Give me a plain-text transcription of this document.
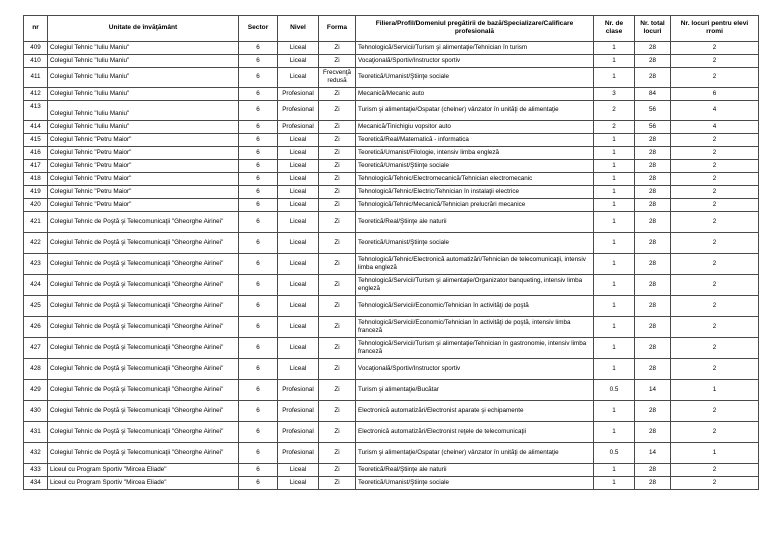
nr	Unitate de învăţământ	Sector	Nivel	Forma	Filiera/Profil/Domeniul pregătirii de bază/Specializare/Calificare profesională	Nr. de clase	Nr. total locuri	Nr. locuri pentru elevi rromi
409	Colegiul Tehnic "Iuliu Maniu"	6	Liceal	Zi	Tehnologică/Servicii/Turism şi alimentaţie/Tehnician în turism	1	28	2
410	Colegiul Tehnic "Iuliu Maniu"	6	Liceal	Zi	Vocaţională/Sportiv/Instructor sportiv	1	28	2
411	Colegiul Tehnic "Iuliu Maniu"	6	Liceal	Frecvenţă redusă	Teoretică/Umanist/Ştiinţe sociale	1	28	2
412	Colegiul Tehnic "Iuliu Maniu"	6	Profesional	Zi	Mecanică/Mecanic auto	3	84	6
413	Colegiul Tehnic "Iuliu Maniu"	6	Profesional	Zi	Turism şi alimentaţie/Ospatar (chelner) vânzator în unităţi de alimentaţie	2	56	4
414	Colegiul Tehnic "Iuliu Maniu"	6	Profesional	Zi	Mecanică/Tinichigiu vopsitor auto	2	56	4
415	Colegiul Tehnic "Petru Maior"	6	Liceal	Zi	Teoretică/Real/Matematică - informatica	1	28	2
416	Colegiul Tehnic "Petru Maior"	6	Liceal	Zi	Teoretică/Umanist/Filologie, intensiv limba engleză	1	28	2
417	Colegiul Tehnic "Petru Maior"	6	Liceal	Zi	Teoretică/Umanist/Ştiinţe sociale	1	28	2
418	Colegiul Tehnic "Petru Maior"	6	Liceal	Zi	Tehnologică/Tehnic/Electromecanică/Tehnician electromecanic	1	28	2
419	Colegiul Tehnic "Petru Maior"	6	Liceal	Zi	Tehnologică/Tehnic/Electric/Tehnician în instalaţii electrice	1	28	2
420	Colegiul Tehnic "Petru Maior"	6	Liceal	Zi	Tehnologică/Tehnic/Mecanică/Tehnician prelucrări mecanice	1	28	2
421	Colegiul Tehnic de Poştă şi Telecomunicaţii "Gheorghe Airinei"	6	Liceal	Zi	Teoretică/Real/Ştiinţe ale naturii	1	28	2
422	Colegiul Tehnic de Poştă şi Telecomunicaţii "Gheorghe Airinei"	6	Liceal	Zi	Teoretică/Umanist/Ştiinţe sociale	1	28	2
423	Colegiul Tehnic de Poştă şi Telecomunicaţii "Gheorghe Airinei"	6	Liceal	Zi	Tehnologică/Tehnic/Electronică automatizări/Tehnician de telecomunicaţii, intensiv limba engleză	1	28	2
424	Colegiul Tehnic de Poştă şi Telecomunicaţii "Gheorghe Airinei"	6	Liceal	Zi	Tehnologică/Servicii/Turism şi alimentaţie/Organizator banqueting, intensiv limba engleză	1	28	2
425	Colegiul Tehnic de Poştă şi Telecomunicaţii "Gheorghe Airinei"	6	Liceal	Zi	Tehnologică/Servicii/Economic/Tehnician în activităţi de poştă	1	28	2
426	Colegiul Tehnic de Poştă şi Telecomunicaţii "Gheorghe Airinei"	6	Liceal	Zi	Tehnologică/Servicii/Economic/Tehnician în activităţi de poştă, intensiv limba franceză	1	28	2
427	Colegiul Tehnic de Poştă şi Telecomunicaţii "Gheorghe Airinei"	6	Liceal	Zi	Tehnologică/Servicii/Turism şi alimentaţie/Tehnician în gastronomie, intensiv limba franceză	1	28	2
428	Colegiul Tehnic de Poştă şi Telecomunicaţii "Gheorghe Airinei"	6	Liceal	Zi	Vocaţională/Sportiv/Instructor sportiv	1	28	2
429	Colegiul Tehnic de Poştă şi Telecomunicaţii "Gheorghe Airinei"	6	Profesional	Zi	Turism şi alimentaţie/Bucătar	0.5	14	1
430	Colegiul Tehnic de Poştă şi Telecomunicaţii "Gheorghe Airinei"	6	Profesional	Zi	Electronică automatizări/Electronist aparate şi echipamente	1	28	2
431	Colegiul Tehnic de Poştă şi Telecomunicaţii "Gheorghe Airinei"	6	Profesional	Zi	Electronică automatizări/Electronist reţele de telecomunicaţii	1	28	2
432	Colegiul Tehnic de Poştă şi Telecomunicaţii "Gheorghe Airinei"	6	Profesional	Zi	Turism şi alimentaţie/Ospatar (chelner) vânzator în unităţi de alimentaţie	0.5	14	1
433	Liceul cu Program Sportiv "Mircea Eliade"	6	Liceal	Zi	Teoretică/Real/Ştiinţe ale naturii	1	28	2
434	Liceul cu Program Sportiv "Mircea Eliade"	6	Liceal	Zi	Teoretică/Umanist/Ştiinţe sociale	1	28	2
